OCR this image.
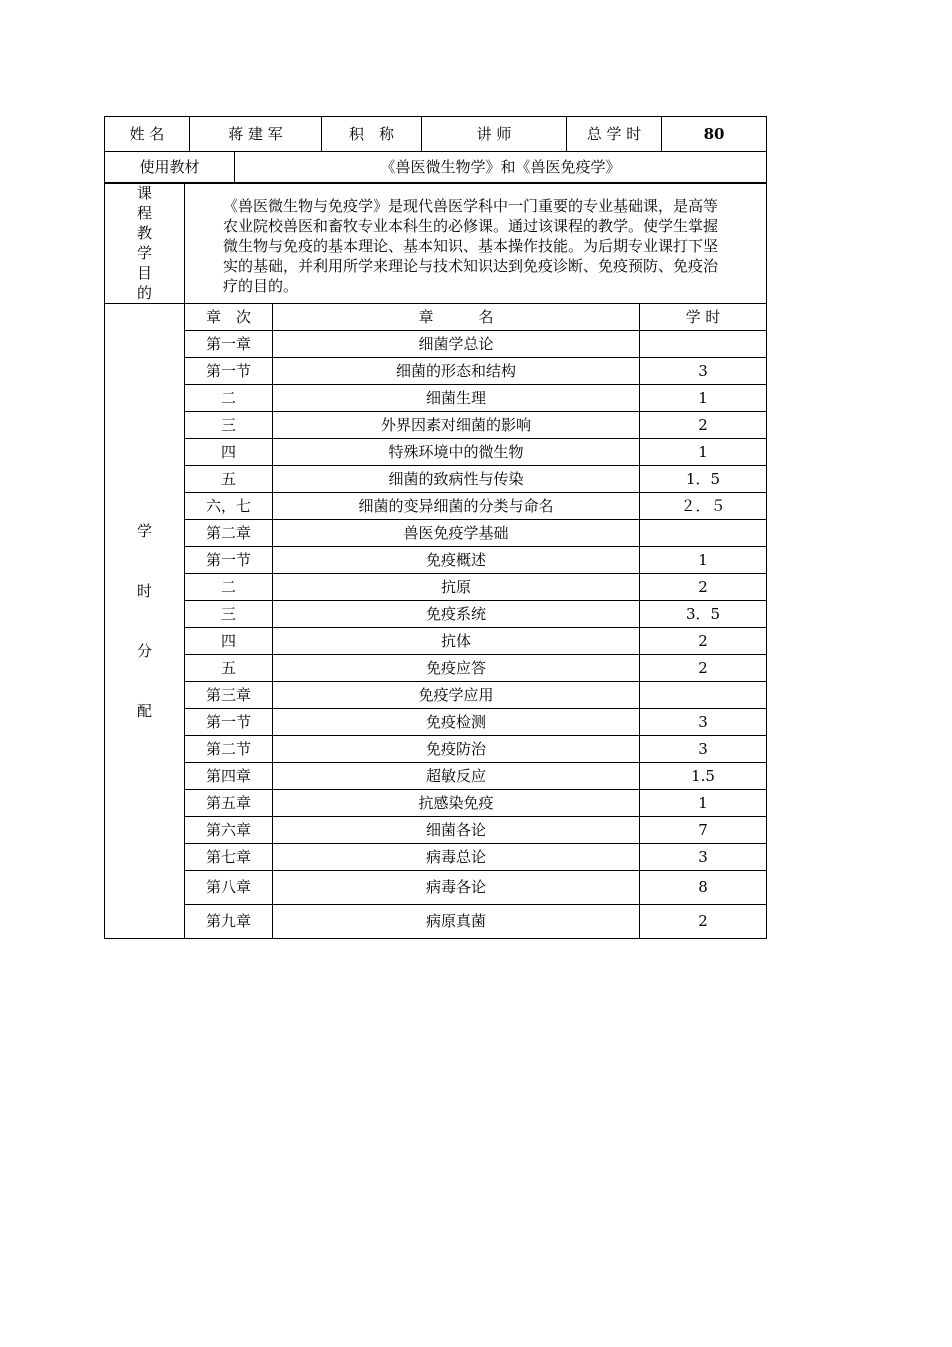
姓 名	蒋 建 军	积　称	讲 师	总 学 时	80
使用教材	《兽医微生物学》和《兽医免疫学》
课
程
教
学
目
的
	《兽医微生物与免疫学》是现代兽医学科中一门重要的专业基础课，是高等农业院校兽医和畜牧专业本科生的必修课。通过该课程的教学。使学生掌握微生物与免疫的基本理论、基本知识、基本操作技能。为后期专业课打下坚实的基础，并利用所学来理论与技术知识达到免疫诊断、免疫预防、免疫治疗的目的。
学
时
分
配	章　次	章　　　名	学 时
	第一章	细菌学总论	
	第一节	细菌的形态和结构	3
	二	细菌生理	1
	三	外界因素对细菌的影响	2
	四	特殊环境中的微生物	1
	五	细菌的致病性与传染	1．5
	六，七	细菌的变异细菌的分类与命名	２．５
	第二章	兽医免疫学基础	
	第一节	免疫概述	1
	二	抗原	2
	三	免疫系统	3．5
	四	抗体	2
	五	免疫应答	2
	第三章	免疫学应用	
	第一节	免疫检测	3
	第二节	免疫防治	3
	第四章	超敏反应	1.5
	第五章	抗感染免疫	1
	第六章	细菌各论	7
	第七章	病毒总论	3
	第八章	病毒各论	8
	第九章	病原真菌	2
